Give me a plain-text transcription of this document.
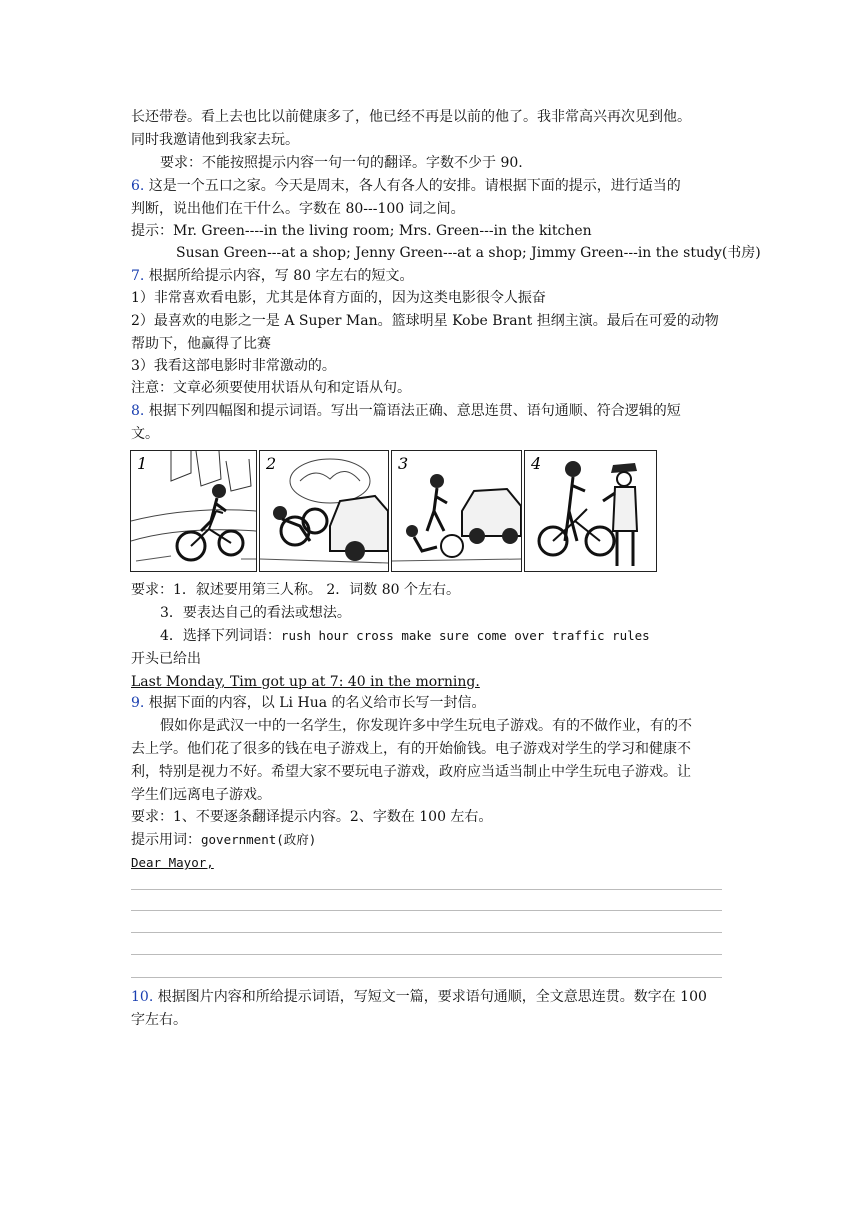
长还带卷。看上去也比以前健康多了，他已经不再是以前的他了。我非常高兴再次见到他。
同时我邀请他到我家去玩。
要求：不能按照提示内容一句一句的翻译。字数不少于 90.
6. 这是一个五口之家。今天是周末，各人有各人的安排。请根据下面的提示，进行适当的
判断，说出他们在干什么。字数在 80---100 词之间。
提示：Mr. Green----in the living room; Mrs. Green---in the kitchen
Susan Green---at a shop; Jenny Green---at a shop; Jimmy Green---in the study(书房)
7. 根据所给提示内容，写 80 字左右的短文。
1）非常喜欢看电影，尤其是体育方面的，因为这类电影很令人振奋
2）最喜欢的电影之一是 A Super Man。篮球明星 Kobe Brant 担纲主演。最后在可爱的动物
帮助下，他赢得了比赛
3）我看这部电影时非常激动的。
注意：文章必须要使用状语从句和定语从句。
8. 根据下列四幅图和提示词语。写出一篇语法正确、意思连贯、语句通顺、符合逻辑的短
文。
1	2	3	4
要求：1．叙述要用第三人称。 2．词数 80 个左右。
3．要表达自己的看法或想法。
4．选择下列词语：rush hour cross make sure come over traffic rules
开头已给出
Last Monday, Tim got up at 7: 40 in the morning.
9. 根据下面的内容，以 Li Hua 的名义给市长写一封信。
假如你是武汉一中的一名学生，你发现许多中学生玩电子游戏。有的不做作业，有的不
去上学。他们花了很多的钱在电子游戏上，有的开始偷钱。电子游戏对学生的学习和健康不
利，特别是视力不好。希望大家不要玩电子游戏，政府应当适当制止中学生玩电子游戏。让
学生们远离电子游戏。
要求：1、不要逐条翻译提示内容。2、字数在 100 左右。
提示用词：government(政府)
Dear Mayor,
10. 根据图片内容和所给提示词语，写短文一篇，要求语句通顺，全文意思连贯。数字在 100
字左右。
